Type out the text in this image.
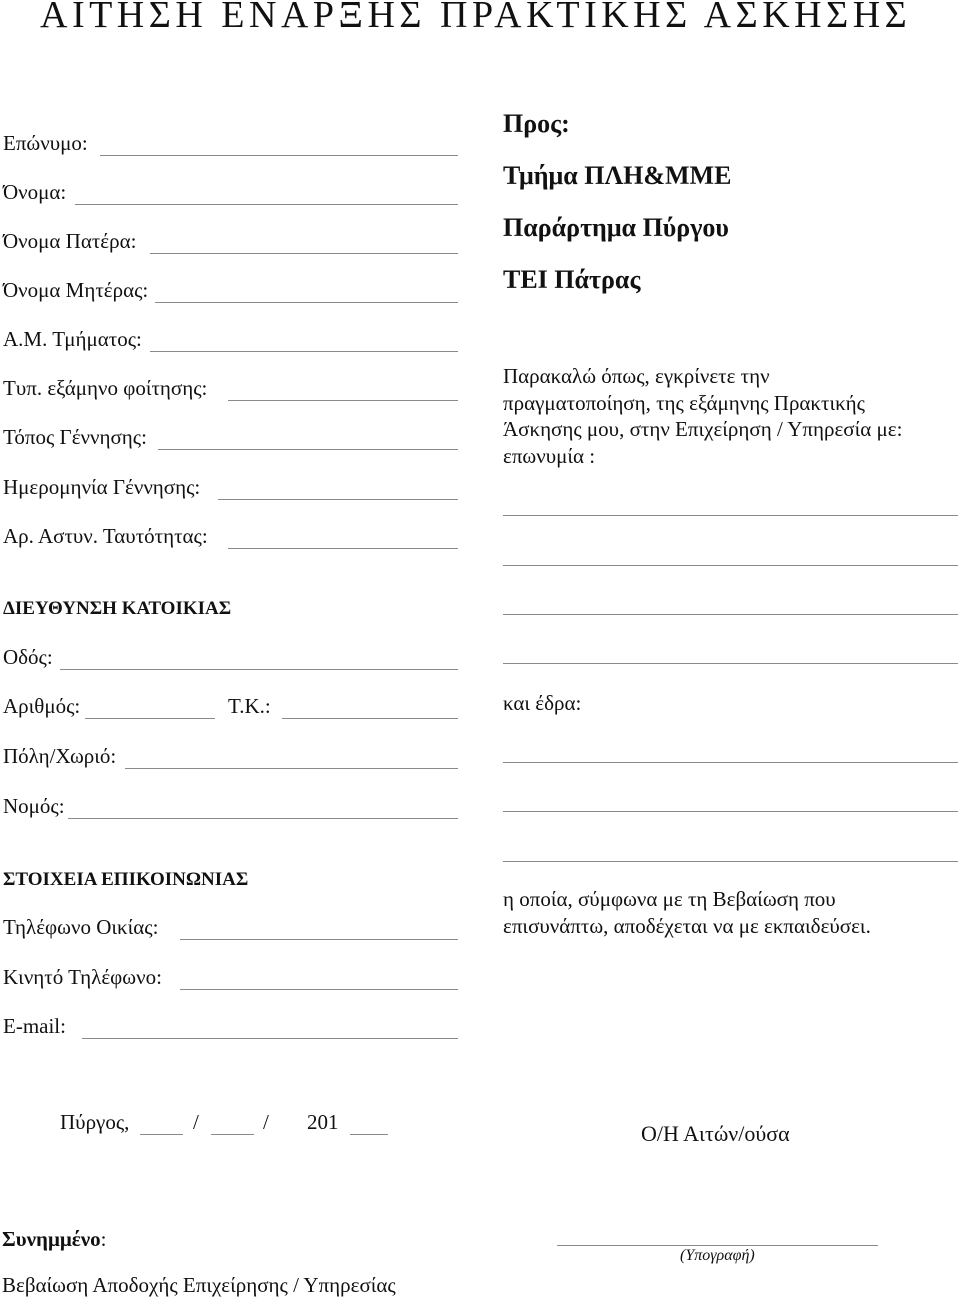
ΑΙΤΗΣΗ ΕΝΑΡΞΗΣ ΠΡΑΚΤΙΚΗΣ ΑΣΚΗΣΗΣ
Επώνυμο:
Όνομα:
Όνομα Πατέρα:
Όνομα Μητέρας:
Α.Μ. Τμήματος:
Τυπ. εξάμηνο φοίτησης:
Τόπος Γέννησης:
Ημερομηνία Γέννησης:
Αρ. Αστυν. Ταυτότητας:
ΔΙΕΥΘΥΝΣΗ ΚΑΤΟΙΚΙΑΣ
Οδός:
Αριθμός:	Τ.Κ.:
Πόλη/Χωριό:
Νομός:
ΣΤΟΙΧΕΙΑ ΕΠΙΚΟΙΝΩΝΙΑΣ
Τηλέφωνο Οικίας:
Κινητό Τηλέφωνο:
E-mail:
Προς:
Τμήμα ΠΛΗ&ΜΜΕ
Παράρτημα Πύργου
ΤΕΙ Πάτρας
Παρακαλώ όπως, εγκρίνετε την
πραγματοποίηση, της εξάμηνης Πρακτικής
Άσκησης μου, στην Επιχείρηση / Υπηρεσία με:
επωνυμία :
και έδρα:
η οποία, σύμφωνα με τη Βεβαίωση που
επισυνάπτω, αποδέχεται να με εκπαιδεύσει.
Πύργος,	/	/ 201	Ο/Η Αιτών/ούσα
Συνημμένο:
(Υπογραφή)
Βεβαίωση Αποδοχής Επιχείρησης / Υπηρεσίας
